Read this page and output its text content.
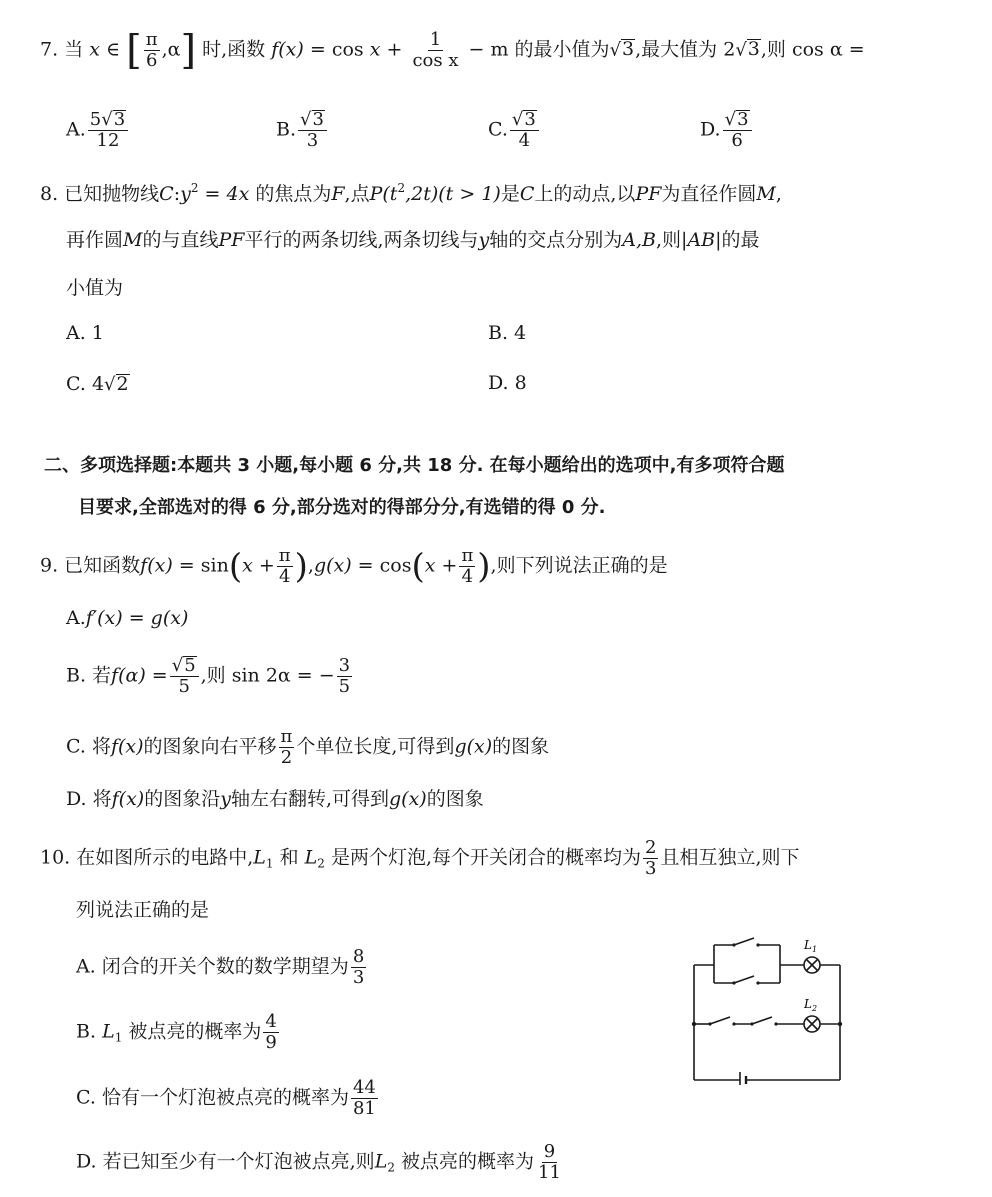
7. 当 x ∈ [ $\frac{\pi}{6} ,\alpha$] 时,函数 $f(x) = \cos x + \frac{1}{\text{cos x}} - m$ 的最小值为√3,最大值为 2√3,则 cos α =
A. $\frac{5√3}{12}$	B. $\frac{√3}{3}$	C. $\frac{√3}{4}$	D. $\frac{√3}{6}$
8. 已知抛物线$C:y^2 = 4x$ 的焦点为F,点$P(t^2,2t)(t > 1)$是C上的动点,以PF为直径作圆M,
再作圆M的与直线PF平行的两条切线,两条切线与y轴的交点分别为A,B,则|AB|的最
小值为
A. 1	B. 4
C. 4√2	D. 8
二、多项选择题:本题共 3 小题,每小题 6 分,共 18 分. 在每小题给出的选项中,有多项符合题
目要求,全部选对的得 6 分,部分选对的得部分分,有选错的得 0 分.
9. 已知函数$f(x) = \sin(x + \frac{\pi}{4} ),g(x) = \cos(x + \frac{\pi}{4}$ ),则下列说法正确的是
A.f′(x) = g(x)
B. 若$f(\alpha) = \frac{√5}{5}$ ,则 sin 2α = − $\frac{3}{5}$
C. 将f(x)的图象向右平移 $\frac{\pi}{2}$ 个单位长度,可得到g(x)的图象
D. 将f(x)的图象沿y轴左右翻转,可得到g(x)的图象
10. 在如图所示的电路中$,L_1$ 和 $L_2$ 是两个灯泡,每个开关闭合的概率均为 $\frac{2}{3}$ 且相互独立,则下
列说法正确的是
A. 闭合的开关个数的数学期望为 $\frac{8}{3}$
B. $L_1$ 被点亮的概率为 $\frac{4}{9}$
C. 恰有一个灯泡被点亮的概率为 $\frac{44}{81}$
D. 若已知至少有一个灯泡被点亮,则$L_2$ 被点亮的概率为 $\frac{9}{11}$
$L_1$
$L_2$
